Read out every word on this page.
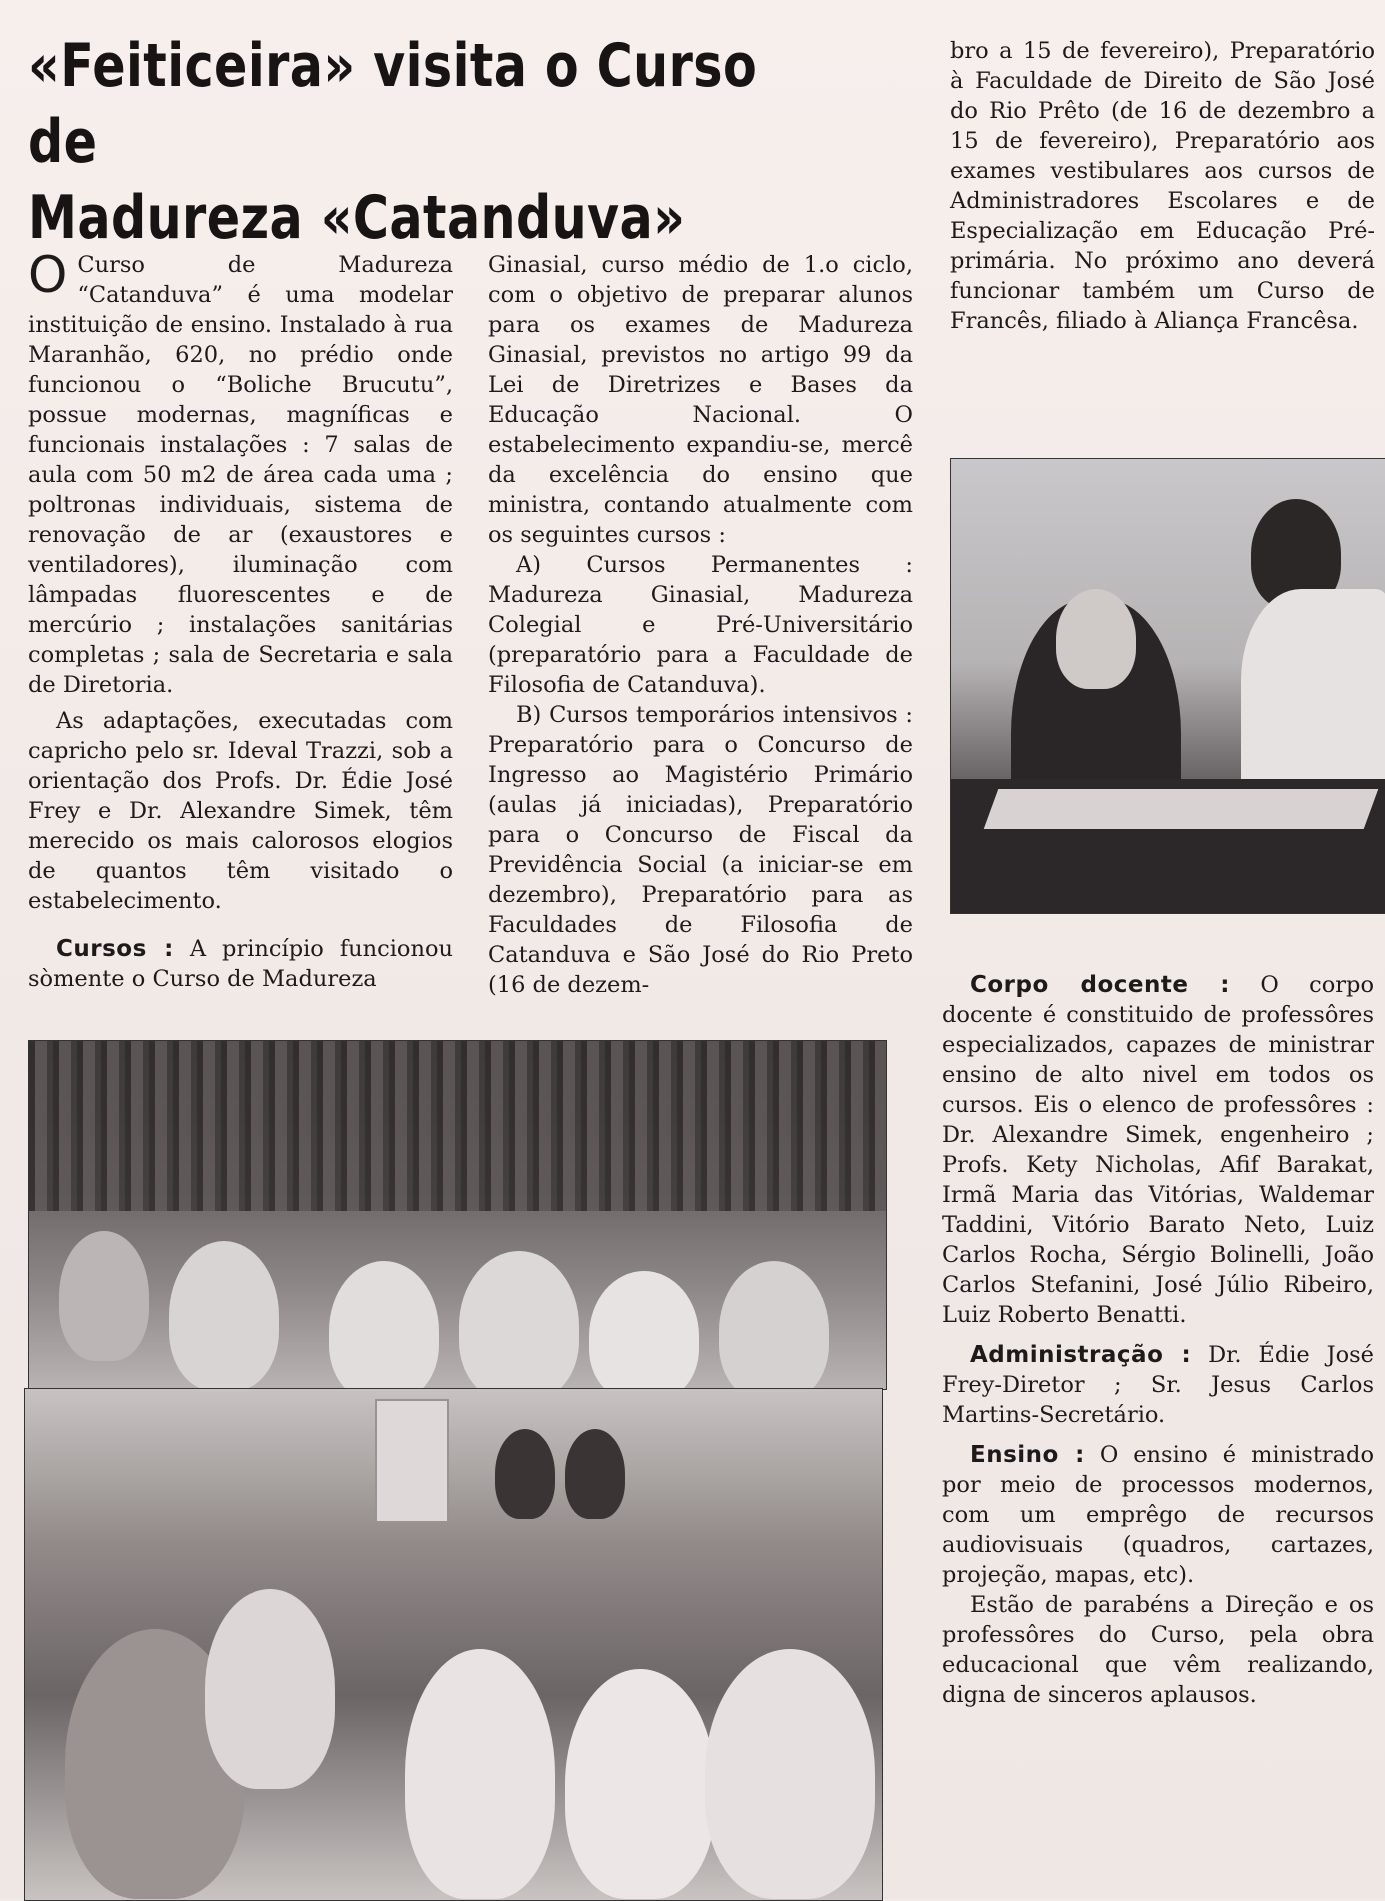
«Feiticeira» visita o Curso de
Madureza «Catanduva»

O Curso de Madureza “Catanduva” é uma modelar instituição de ensino. Instalado à rua Maranhão, 620, no prédio onde funcionou o “Boliche Brucutu”, possue modernas, magníficas e funcionais instalações : 7 salas de aula com 50 m2 de área cada uma ; poltronas individuais, sistema de renovação de ar (exaustores e ventiladores), iluminação com lâmpadas fluorescentes e de mercúrio ; instalações sanitárias completas ; sala de Secretaria e sala de Diretoria.

As adaptações, executadas com capricho pelo sr. Ideval Trazzi, sob a orientação dos Profs. Dr. Édie José Frey e Dr. Alexandre Simek, têm merecido os mais calorosos elogios de quantos têm visitado o estabelecimento.

Cursos : A princípio funcionou sòmente o Curso de Madureza

Ginasial, curso médio de 1.o ciclo, com o objetivo de preparar alunos para os exames de Madureza Ginasial, previstos no artigo 99 da Lei de Diretrizes e Bases da Educação Nacional. O estabelecimento expandiu-se, mercê da excelência do ensino que ministra, contando atualmente com os seguintes cursos :

A) Cursos Permanentes : Madureza Ginasial, Madureza Colegial e Pré-Universitário (preparatório para a Faculdade de Filosofia de Catanduva).

B) Cursos temporários intensivos : Preparatório para o Concurso de Ingresso ao Magistério Primário (aulas já iniciadas), Preparatório para o Concurso de Fiscal da Previdência Social (a iniciar-se em dezembro), Preparatório para as Faculdades de Filosofia de Catanduva e São José do Rio Preto (16 de dezem-

bro a 15 de fevereiro), Preparatório à Faculdade de Direito de São José do Rio Prêto (de 16 de dezembro a 15 de fevereiro), Preparatório aos exames vestibulares aos cursos de Administradores Escolares e de Especialização em Educação Pré-primária. No próximo ano deverá funcionar também um Curso de Francês, filiado à Aliança Francêsa.

Corpo docente : O corpo docente é constituido de professôres especializados, capazes de ministrar ensino de alto nivel em todos os cursos. Eis o elenco de professôres : Dr. Alexandre Simek, engenheiro ; Profs. Kety Nicholas, Afif Barakat, Irmã Maria das Vitórias, Waldemar Taddini, Vitório Barato Neto, Luiz Carlos Rocha, Sérgio Bolinelli, João Carlos Stefanini, José Júlio Ribeiro, Luiz Roberto Benatti.

Administração : Dr. Édie José Frey-Diretor ; Sr. Jesus Carlos Martins-Secretário.

Ensino : O ensino é ministrado por meio de processos modernos, com um emprêgo de recursos audiovisuais (quadros, cartazes, projeção, mapas, etc).

Estão de parabéns a Direção e os professôres do Curso, pela obra educacional que vêm realizando, digna de sinceros aplausos.
